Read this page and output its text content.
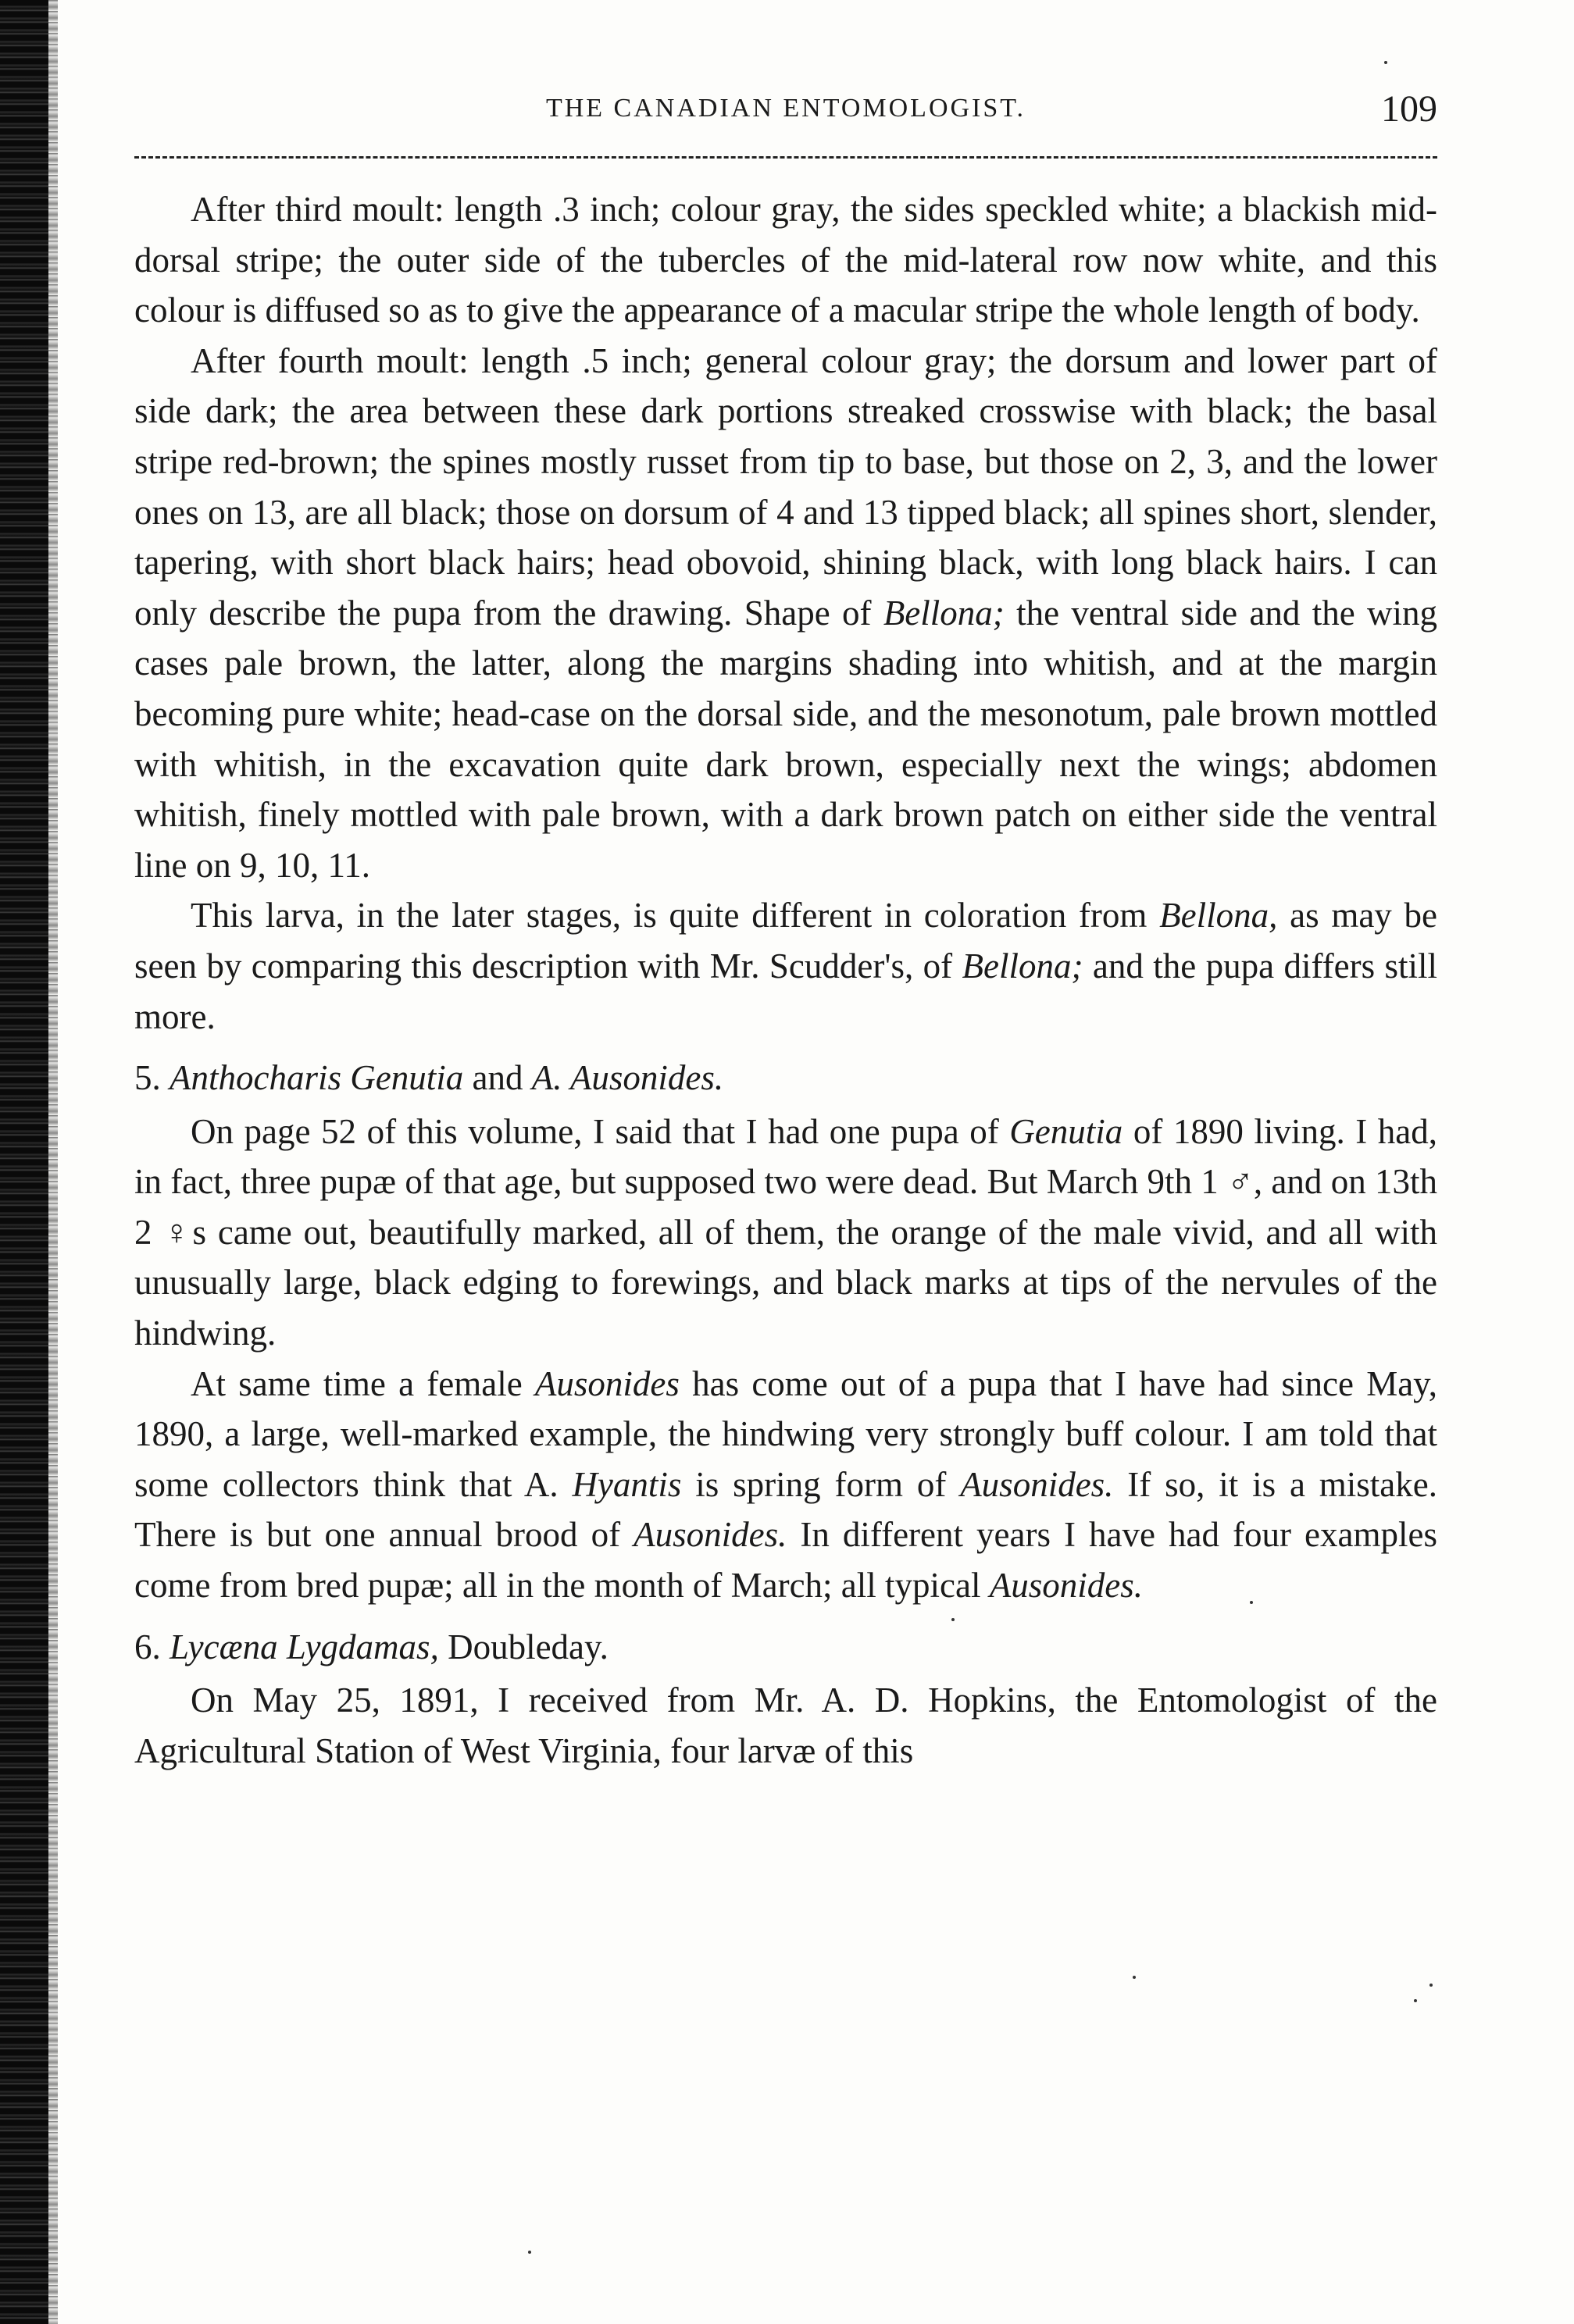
THE CANADIAN ENTOMOLOGIST.	109

After third moult: length .3 inch; colour gray, the sides speckled white; a blackish mid-dorsal stripe; the outer side of the tubercles of the mid-lateral row now white, and this colour is diffused so as to give the appearance of a macular stripe the whole length of body.

After fourth moult: length .5 inch; general colour gray; the dorsum and lower part of side dark; the area between these dark portions streaked crosswise with black; the basal stripe red-brown; the spines mostly russet from tip to base, but those on 2, 3, and the lower ones on 13, are all black; those on dorsum of 4 and 13 tipped black; all spines short, slender, tapering, with short black hairs; head obovoid, shining black, with long black hairs. I can only describe the pupa from the drawing. Shape of Bellona; the ventral side and the wing cases pale brown, the latter, along the margins shading into whitish, and at the margin becoming pure white; head-case on the dorsal side, and the mesonotum, pale brown mottled with whitish, in the excavation quite dark brown, especially next the wings; abdomen whitish, finely mottled with pale brown, with a dark brown patch on either side the ventral line on 9, 10, 11.

This larva, in the later stages, is quite different in coloration from Bellona, as may be seen by comparing this description with Mr. Scudder's, of Bellona; and the pupa differs still more.

5. Anthocharis Genutia and A. Ausonides.

On page 52 of this volume, I said that I had one pupa of Genutia of 1890 living. I had, in fact, three pupæ of that age, but supposed two were dead. But March 9th 1 ♂, and on 13th 2 ♀s came out, beautifully marked, all of them, the orange of the male vivid, and all with unusually large, black edging to forewings, and black marks at tips of the nervules of the hindwing.

At same time a female Ausonides has come out of a pupa that I have had since May, 1890, a large, well-marked example, the hindwing very strongly buff colour. I am told that some collectors think that A. Hyantis is spring form of Ausonides. If so, it is a mistake. There is but one annual brood of Ausonides. In different years I have had four examples come from bred pupæ; all in the month of March; all typical Ausonides.

6. Lycæna Lygdamas, Doubleday.

On May 25, 1891, I received from Mr. A. D. Hopkins, the Entomologist of the Agricultural Station of West Virginia, four larvæ of this
